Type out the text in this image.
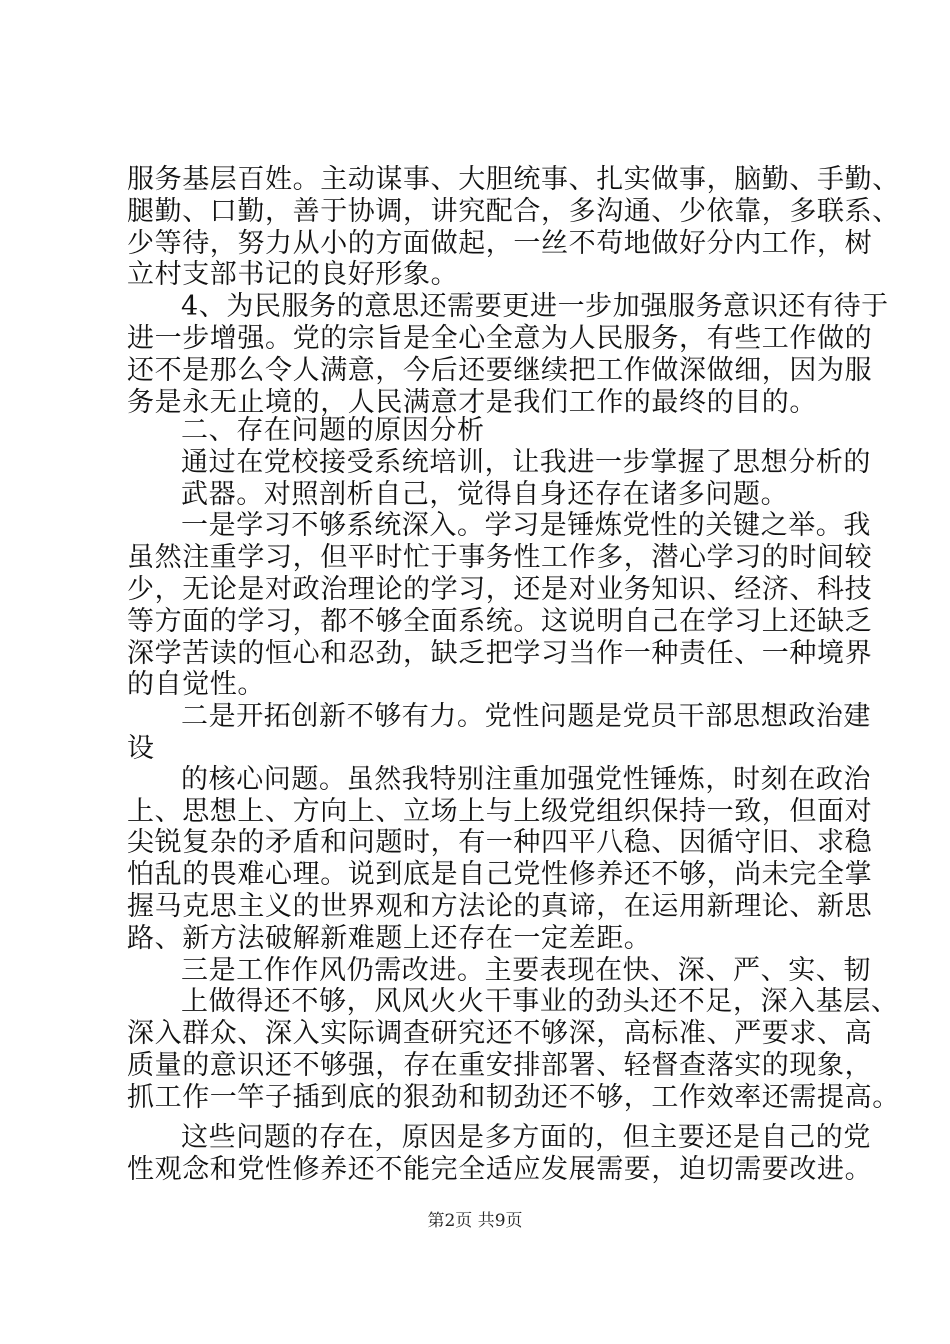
服务基层百姓。主动谋事、大胆统事、扎实做事，脑勤、手勤、
腿勤、口勤，善于协调，讲究配合，多沟通、少依靠，多联系、
少等待，努力从小的方面做起，一丝不苟地做好分内工作，树
立村支部书记的良好形象。
4、为民服务的意思还需要更进一步加强服务意识还有待于
进一步增强。党的宗旨是全心全意为人民服务，有些工作做的
还不是那么令人满意，今后还要继续把工作做深做细，因为服
务是永无止境的，人民满意才是我们工作的最终的目的。
二、存在问题的原因分析
通过在党校接受系统培训，让我进一步掌握了思想分析的
武器。对照剖析自己，觉得自身还存在诸多问题。
一是学习不够系统深入。学习是锤炼党性的关键之举。我
虽然注重学习，但平时忙于事务性工作多，潜心学习的时间较
少，无论是对政治理论的学习，还是对业务知识、经济、科技
等方面的学习，都不够全面系统。这说明自己在学习上还缺乏
深学苦读的恒心和忍劲，缺乏把学习当作一种责任、一种境界
的自觉性。
二是开拓创新不够有力。党性问题是党员干部思想政治建
设
的核心问题。虽然我特别注重加强党性锤炼，时刻在政治
上、思想上、方向上、立场上与上级党组织保持一致，但面对
尖锐复杂的矛盾和问题时，有一种四平八稳、因循守旧、求稳
怕乱的畏难心理。说到底是自己党性修养还不够，尚未完全掌
握马克思主义的世界观和方法论的真谛，在运用新理论、新思
路、新方法破解新难题上还存在一定差距。
三是工作作风仍需改进。主要表现在快、深、严、实、韧
上做得还不够，风风火火干事业的劲头还不足，深入基层、
深入群众、深入实际调查研究还不够深，高标准、严要求、高
质量的意识还不够强，存在重安排部署、轻督查落实的现象，
抓工作一竿子插到底的狠劲和韧劲还不够，工作效率还需提高。
这些问题的存在，原因是多方面的，但主要还是自己的党
性观念和党性修养还不能完全适应发展需要，迫切需要改进。
第2页 共9页
